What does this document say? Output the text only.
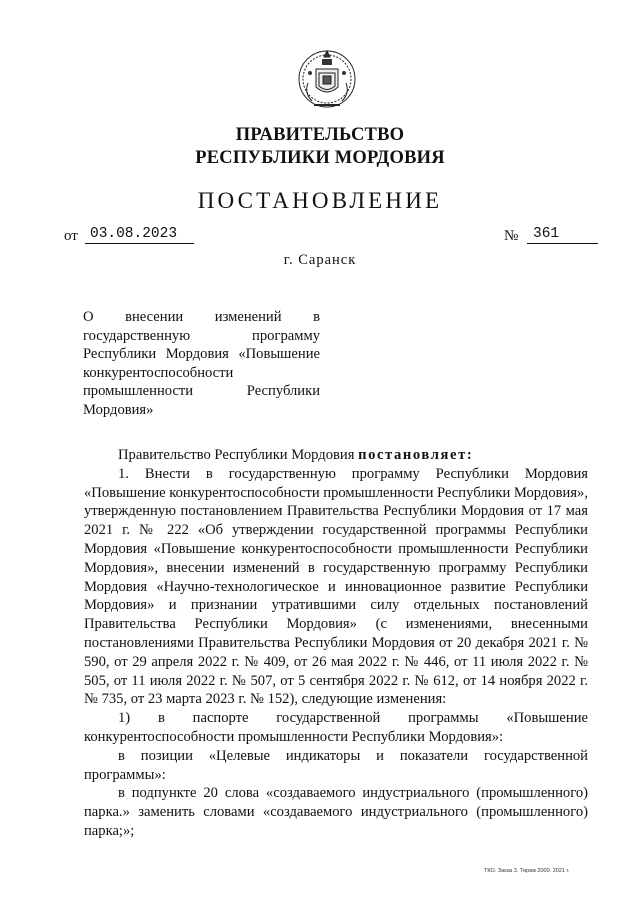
ПРАВИТЕЛЬСТВО
РЕСПУБЛИКИ МОРДОВИЯ
ПОСТАНОВЛЕНИЕ
от 03.08.2023	№	361
г. Саранск
О внесении изменений в государственную программу Республики Мордовия «Повышение конкурентоспособности промышленности Республики Мордовия»

Правительство Республики Мордовия постановляет:

1. Внести в государственную программу Республики Мордовия «Повышение конкурентоспособности промышленности Республики Мордовия», утвержденную постановлением Правительства Республики Мордовия от 17 мая 2021 г. № 222 «Об утверждении государственной программы Республики Мордовия «Повышение конкурентоспособности промышленности Республики Мордовия», внесении изменений в государственную программу Республики Мордовия «Научно-технологическое и инновационное развитие Республики Мордовия» и признании утратившими силу отдельных постановлений Правительства Республики Мордовия» (с изменениями, внесенными постановлениями Правительства Республики Мордовия от 20 декабря 2021 г. № 590, от 29 апреля 2022 г. № 409, от 26 мая 2022 г. № 446, от 11 июля 2022 г. № 505, от 11 июля 2022 г. № 507, от 5 сентября 2022 г. № 612, от 14 ноября 2022 г. № 735, от 23 марта 2023 г. № 152), следующие изменения:

1) в паспорте государственной программы «Повышение конкурентоспособности промышленности Республики Мордовия»:

в позиции «Целевые индикаторы и показатели государственной программы»:

в подпункте 20 слова «создаваемого индустриального (промышленного) парка.» заменить словами «создаваемого индустриального (промышленного) парка;»;

ТКО. Заказ 3. Тираж 2000. 2021 г.
